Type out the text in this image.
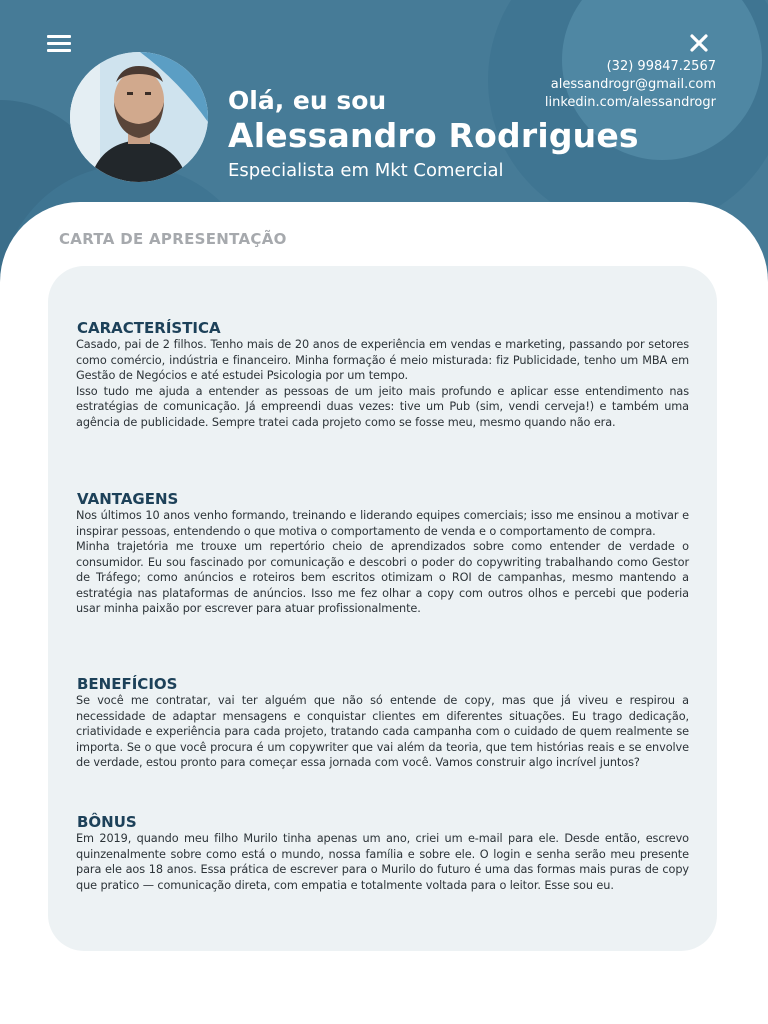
Olá, eu sou
Alessandro Rodrigues
Especialista em Mkt Comercial
(32) 99847.2567
alessandrogr@gmail.com
linkedin.com/alessandrogr
CARTA DE APRESENTAÇÃO
CARACTERÍSTICA

Casado, pai de 2 filhos. Tenho mais de 20 anos de experiência em vendas e marketing, passando por setores como comércio, indústria e financeiro. Minha formação é meio misturada: fiz Publicidade, tenho um MBA em Gestão de Negócios e até estudei Psicologia por um tempo.

Isso tudo me ajuda a entender as pessoas de um jeito mais profundo e aplicar esse entendimento nas estratégias de comunicação. Já empreendi duas vezes: tive um Pub (sim, vendi cerveja!) e também uma agência de publicidade. Sempre tratei cada projeto como se fosse meu, mesmo quando não era.

VANTAGENS

Nos últimos 10 anos venho formando, treinando e liderando equipes comerciais; isso me ensinou a motivar e inspirar pessoas, entendendo o que motiva o comportamento de venda e o comportamento de compra.

Minha trajetória me trouxe um repertório cheio de aprendizados sobre como entender de verdade o consumidor. Eu sou fascinado por comunicação e descobri o poder do copywriting trabalhando como Gestor de Tráfego; como anúncios e roteiros bem escritos otimizam o ROI de campanhas, mesmo mantendo a estratégia nas plataformas de anúncios. Isso me fez olhar a copy com outros olhos e percebi que poderia usar minha paixão por escrever para atuar profissionalmente.

BENEFÍCIOS

Se você me contratar, vai ter alguém que não só entende de copy, mas que já viveu e respirou a necessidade de adaptar mensagens e conquistar clientes em diferentes situações. Eu trago dedicação, criatividade e experiência para cada projeto, tratando cada campanha com o cuidado de quem realmente se importa. Se o que você procura é um copywriter que vai além da teoria, que tem histórias reais e se envolve de verdade, estou pronto para começar essa jornada com você. Vamos construir algo incrível juntos?

BÔNUS

Em 2019, quando meu filho Murilo tinha apenas um ano, criei um e-mail para ele. Desde então, escrevo quinzenalmente sobre como está o mundo, nossa família e sobre ele. O login e senha serão meu presente para ele aos 18 anos. Essa prática de escrever para o Murilo do futuro é uma das formas mais puras de copy que pratico — comunicação direta, com empatia e totalmente voltada para o leitor. Esse sou eu.
